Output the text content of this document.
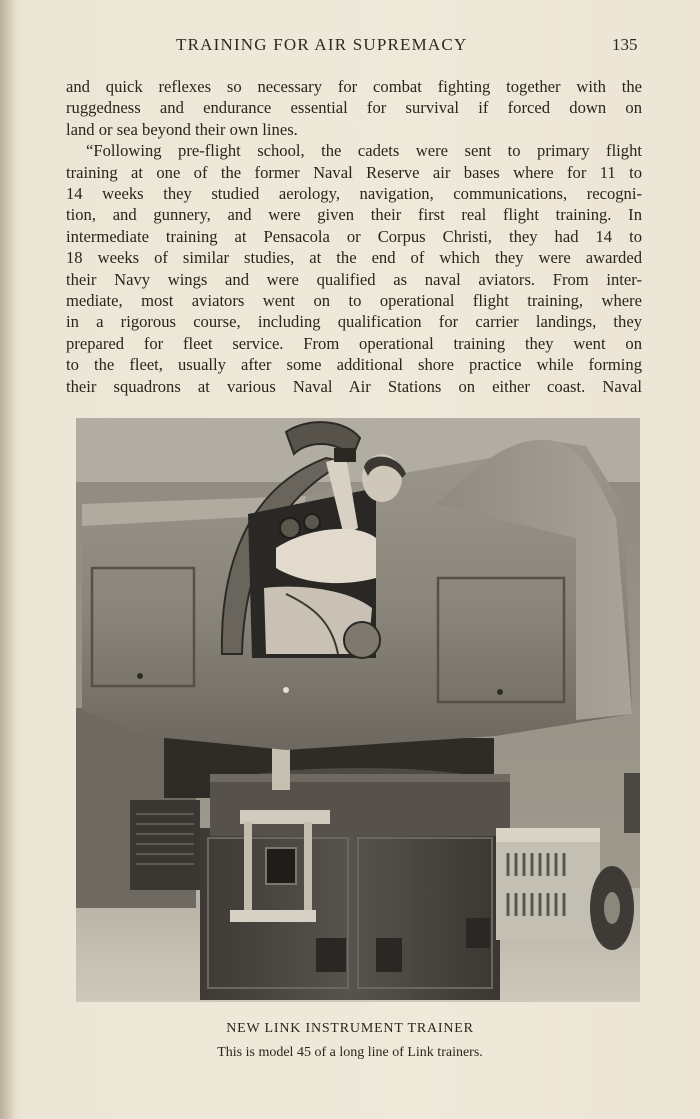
TRAINING FOR AIR SUPREMACY	135
and quick reflexes so necessary for combat fighting together with the
ruggedness and endurance essential for survival if forced down on
land or sea beyond their own lines.
“Following pre-flight school, the cadets were sent to primary flight
training at one of the former Naval Reserve air bases where for 11 to
14 weeks they studied aerology, navigation, communications, recogni-
tion, and gunnery, and were given their first real flight training. In
intermediate training at Pensacola or Corpus Christi, they had 14 to
18 weeks of similar studies, at the end of which they were awarded
their Navy wings and were qualified as naval aviators. From inter-
mediate, most aviators went on to operational flight training, where
in a rigorous course, including qualification for carrier landings, they
prepared for fleet service. From operational training they went on
to the fleet, usually after some additional shore practice while forming
their squadrons at various Naval Air Stations on either coast. Naval
NEW LINK INSTRUMENT TRAINER
This is model 45 of a long line of Link trainers.
